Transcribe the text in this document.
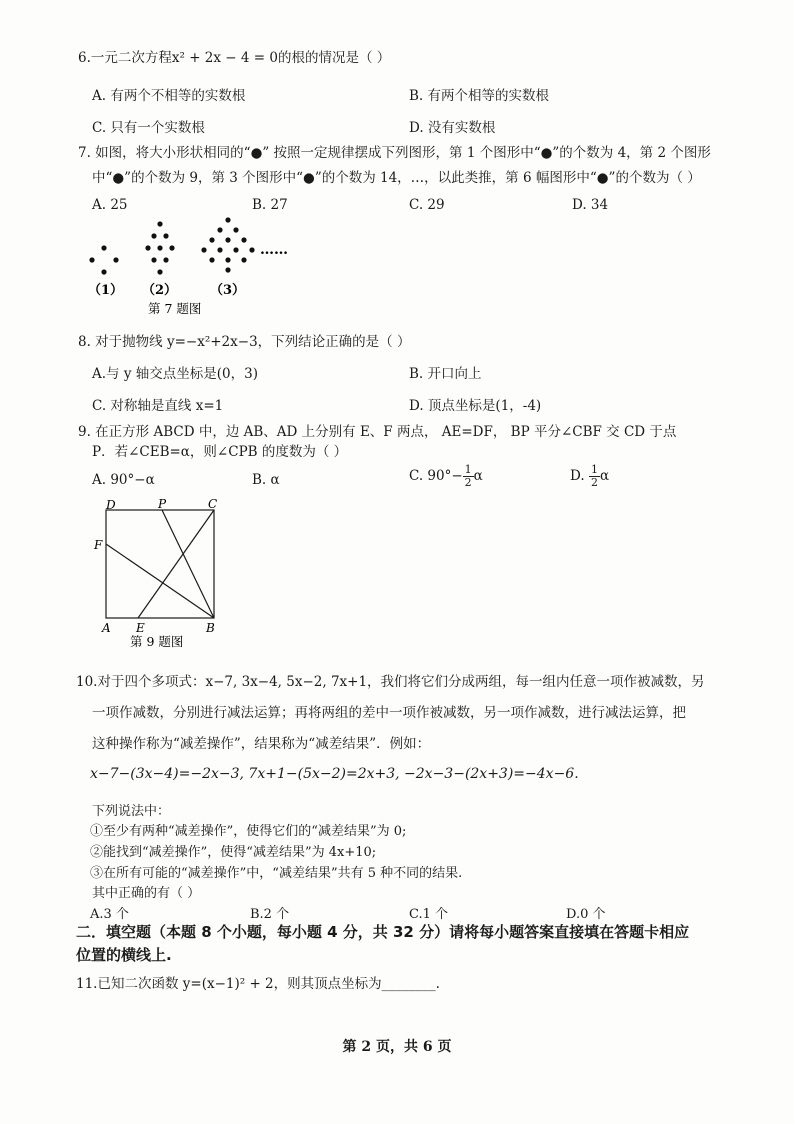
6.一元二次方程x² + 2x − 4 = 0的根的情况是（ ）
A. 有两个不相等的实数根	B. 有两个相等的实数根
C. 只有一个实数根	D. 没有实数根
7. 如图，将大小形状相同的“●” 按照一定规律摆成下列图形，第 1 个图形中“●”的个数为 4，第 2 个图形
中“●”的个数为 9，第 3 个图形中“●”的个数为 14，…，以此类推，第 6 幅图形中“●”的个数为（ ）
A. 25	B. 27	C. 29	D. 34
……
（1） （2）	（3）
第 7 题图
8. 对于抛物线 y=−x²+2x−3，下列结论正确的是（ ）
A.与 y 轴交点坐标是(0，3)	B. 开口向上
C. 对称轴是直线 x=1	D. 顶点坐标是(1，-4)
9. 在正方形 ABCD 中，边 AB、AD 上分别有 E、F 两点， AE=DF， BP 平分∠CBF 交 CD 于点
P．若∠CEB=α，则∠CPB 的度数为（ ）
A. 90°−α	B. α	C. $90^\circ- \frac{1}{2}$ α	D. $\frac{1}{2}$ α
D	P	C
F
A E	B
第 9 题图
10.对于四个多项式：x−7, 3x−4, 5x−2, 7x+1，我们将它们分成两组，每一组内任意一项作被减数，另
一项作减数，分别进行减法运算；再将两组的差中一项作被减数，另一项作减数，进行减法运算，把
这种操作称为“减差操作”，结果称为“减差结果”．例如：
x−7−(3x−4)=−2x−3, 7x+1−(5x−2)=2x+3, −2x−3−(2x+3)=−4x−6.
下列说法中：
①至少有两种“减差操作”，使得它们的“减差结果”为 0;
②能找到“减差操作”，使得“减差结果”为 4x+10;
③在所有可能的“减差操作”中，“减差结果”共有 5 种不同的结果.
其中正确的有（ ）
A.3 个	B.2 个	C.1 个	D.0 个
二．填空题（本题 8 个小题，每小题 4 分，共 32 分）请将每小题答案直接填在答题卡相应
位置的横线上.
11.已知二次函数 y=(x−1)² + 2，则其顶点坐标为________.
第 2 页，共 6 页
